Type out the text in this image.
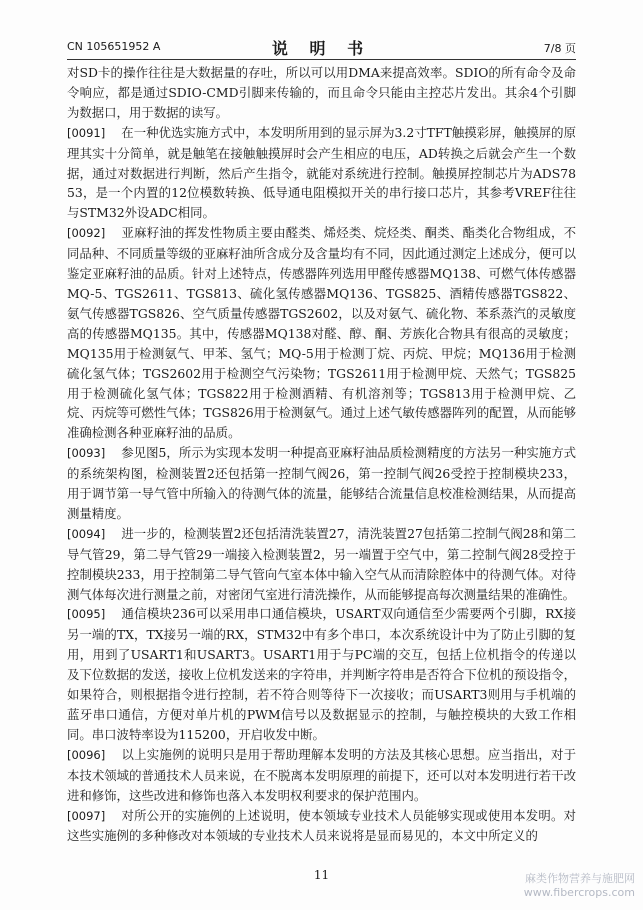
CN 105651952 A	说 明 书	7/8 页

对SD卡的操作往往是大数据量的存吐，所以可以用DMA来提高效率。SDIO的所有命令及命令响应，都是通过SDIO-CMD引脚来传输的，而且命令只能由主控芯片发出。其余4个引脚为数据口，用于数据的读写。

[0091] 在一种优选实施方式中，本发明所用到的显示屏为3.2寸TFT触摸彩屏，触摸屏的原理其实十分简单，就是触笔在接触触摸屏时会产生相应的电压，AD转换之后就会产生一个数据，通过对数据进行判断，然后产生指令，就能对系统进行控制。触摸屏控制芯片为ADS7853，是一个内置的12位模数转换、低导通电阻模拟开关的串行接口芯片，其参考VREF往往与STM32外设ADC相同。

[0092] 亚麻籽油的挥发性物质主要由醛类、烯烃类、烷烃类、酮类、酯类化合物组成，不同品种、不同质量等级的亚麻籽油所含成分及含量均有不同，因此通过测定上述成分，便可以鉴定亚麻籽油的品质。针对上述特点，传感器阵列选用甲醛传感器MQ138、可燃气体传感器MQ-5、TGS2611、TGS813、硫化氢传感器MQ136、TGS825、酒精传感器TGS822、氨气传感器TGS826、空气质量传感器TGS2602，以及对氨气、硫化物、苯系蒸汽的灵敏度高的传感器MQ135。其中，传感器MQ138对醛、醇、酮、芳族化合物具有很高的灵敏度；MQ135用于检测氨气、甲苯、氢气；MQ-5用于检测丁烷、丙烷、甲烷；MQ136用于检测硫化氢气体；TGS2602用于检测空气污染物；TGS2611用于检测甲烷、天然气；TGS825用于检测硫化氢气体；TGS822用于检测酒精、有机溶剂等；TGS813用于检测甲烷、乙烷、丙烷等可燃性气体；TGS826用于检测氨气。通过上述气敏传感器阵列的配置，从而能够准确检测各种亚麻籽油的品质。

[0093] 参见图5，所示为实现本发明一种提高亚麻籽油品质检测精度的方法另一种实施方式的系统架构图，检测装置2还包括第一控制气阀26，第一控制气阀26受控于控制模块233，用于调节第一导气管中所输入的待测气体的流量，能够结合流量信息校准检测结果，从而提高测量精度。

[0094] 进一步的，检测装置2还包括清洗装置27，清洗装置27包括第二控制气阀28和第二导气管29，第二导气管29一端接入检测装置2，另一端置于空气中，第二控制气阀28受控于控制模块233，用于控制第二导气管向气室本体中输入空气从而清除腔体中的待测气体。对待测气体每次进行测量之前，对密闭气室进行清洗操作，从而能够提高每次测量结果的准确性。

[0095] 通信模块236可以采用串口通信模块，USART双向通信至少需要两个引脚，RX接另一端的TX，TX接另一端的RX，STM32中有多个串口，本次系统设计中为了防止引脚的复用，用到了USART1和USART3。USART1用于与PC端的交互，包括上位机指令的传递以及下位数据的发送，接收上位机发送来的字符串，并判断字符串是否符合下位机的预设指令，如果符合，则根据指令进行控制，若不符合则等待下一次接收；而USART3则用与手机端的蓝牙串口通信，方便对单片机的PWM信号以及数据显示的控制，与触控模块的大致工作相同。串口波特率设为115200，开启收发中断。

[0096] 以上实施例的说明只是用于帮助理解本发明的方法及其核心思想。应当指出，对于本技术领域的普通技术人员来说，在不脱离本发明原理的前提下，还可以对本发明进行若干改进和修饰，这些改进和修饰也落入本发明权利要求的保护范围内。

[0097] 对所公开的实施例的上述说明，使本领域专业技术人员能够实现或使用本发明。对这些实施例的多种修改对本领域的专业技术人员来说将是显而易见的，本文中所定义的

11	麻类作物营养与施肥网
www.fibercrops.com
